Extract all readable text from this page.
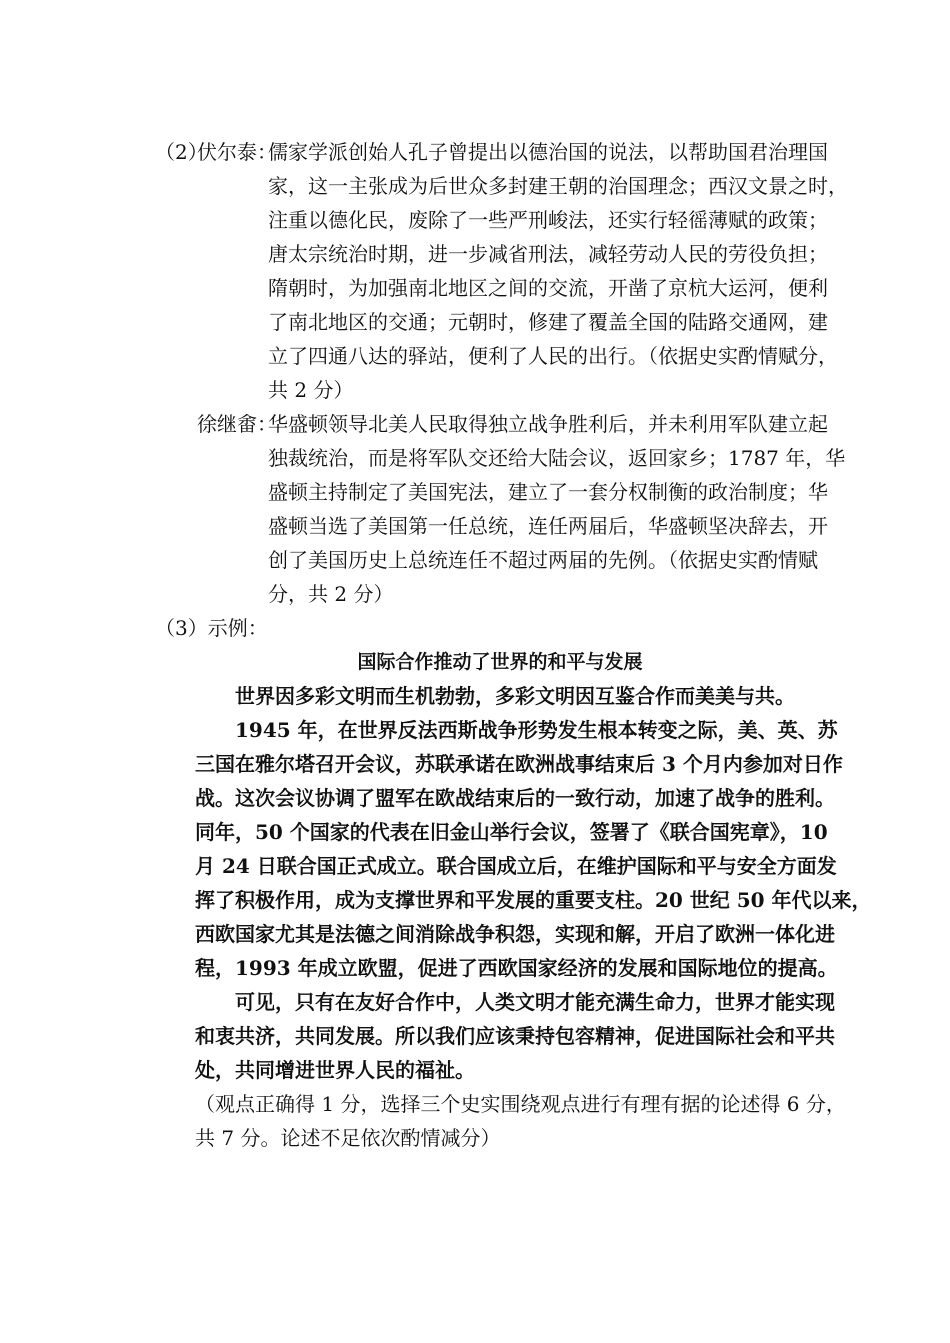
（2）
伏尔泰：
儒家学派创始人孔子曾提出以德治国的说法，以帮助国君治理国
家，这一主张成为后世众多封建王朝的治国理念；西汉文景之时，
注重以德化民，废除了一些严刑峻法，还实行轻徭薄赋的政策；
唐太宗统治时期，进一步减省刑法，减轻劳动人民的劳役负担；
隋朝时，为加强南北地区之间的交流，开凿了京杭大运河，便利
了南北地区的交通；元朝时，修建了覆盖全国的陆路交通网，建
立了四通八达的驿站，便利了人民的出行。（依据史实酌情赋分，
共 2 分）
徐继畬：
华盛顿领导北美人民取得独立战争胜利后，并未利用军队建立起
独裁统治，而是将军队交还给大陆会议，返回家乡；1787 年，华
盛顿主持制定了美国宪法，建立了一套分权制衡的政治制度；华
盛顿当选了美国第一任总统，连任两届后，华盛顿坚决辞去，开
创了美国历史上总统连任不超过两届的先例。（依据史实酌情赋
分，共 2 分）
（3）示例：
国际合作推动了世界的和平与发展
世界因多彩文明而生机勃勃，多彩文明因互鉴合作而美美与共。
1945 年，在世界反法西斯战争形势发生根本转变之际，美、英、苏
三国在雅尔塔召开会议，苏联承诺在欧洲战事结束后 3 个月内参加对日作
战。这次会议协调了盟军在欧战结束后的一致行动，加速了战争的胜利。
同年，50 个国家的代表在旧金山举行会议，签署了《联合国宪章》，10
月 24 日联合国正式成立。联合国成立后，在维护国际和平与安全方面发
挥了积极作用，成为支撑世界和平发展的重要支柱。20 世纪 50 年代以来，
西欧国家尤其是法德之间消除战争积怨，实现和解，开启了欧洲一体化进
程，1993 年成立欧盟，促进了西欧国家经济的发展和国际地位的提高。
可见，只有在友好合作中，人类文明才能充满生命力，世界才能实现
和衷共济，共同发展。所以我们应该秉持包容精神，促进国际社会和平共
处，共同增进世界人民的福祉。
（观点正确得 1 分，选择三个史实围绕观点进行有理有据的论述得 6 分，
共 7 分。论述不足依次酌情减分）
